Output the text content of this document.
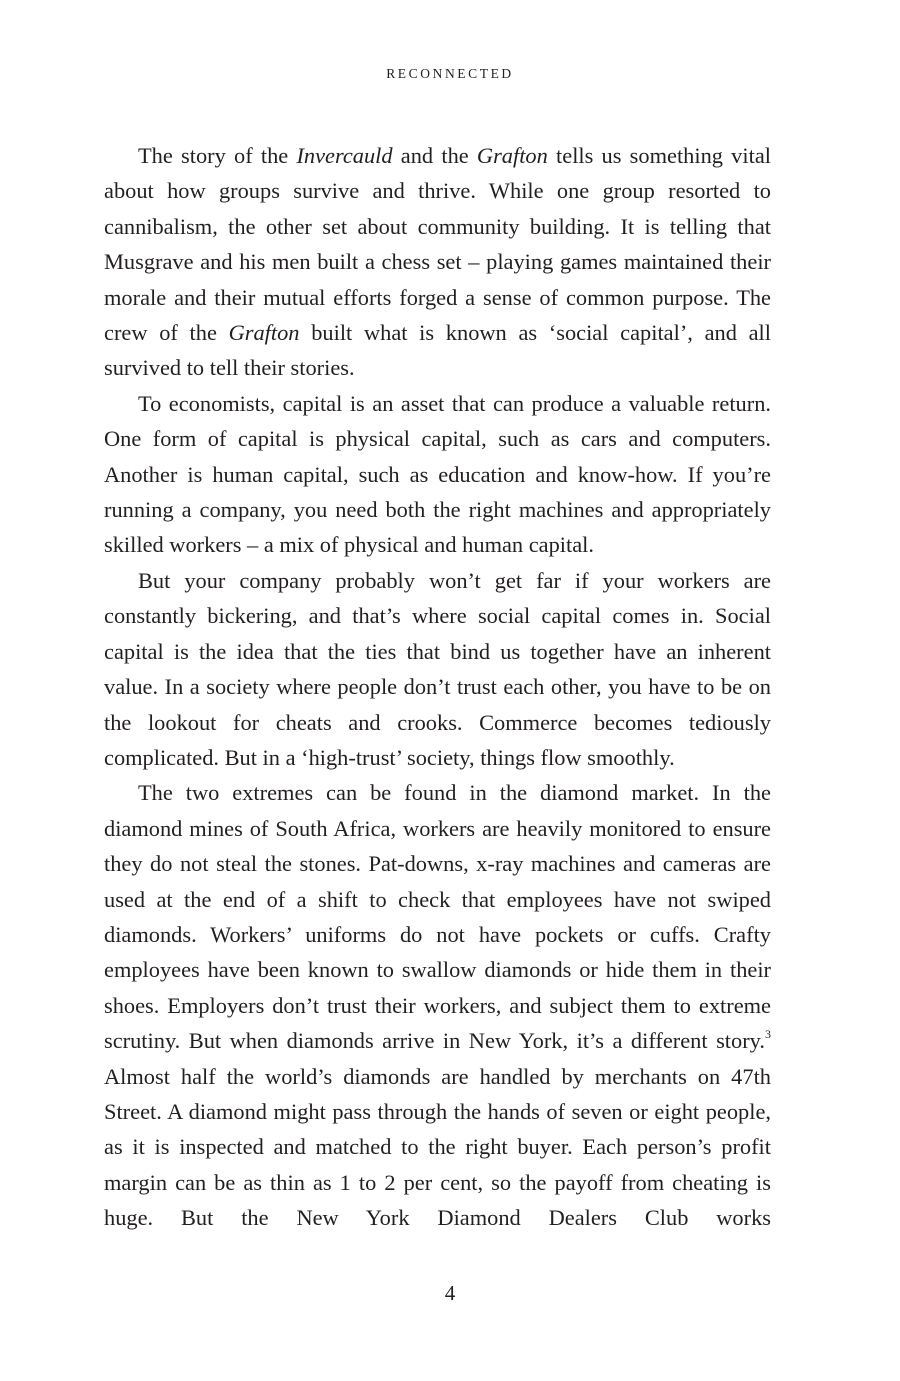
RECONNECTED

The story of the Invercauld and the Grafton tells us something vital about how groups survive and thrive. While one group resorted to cannibalism, the other set about community building. It is telling that Musgrave and his men built a chess set – playing games maintained their morale and their mutual efforts forged a sense of common purpose. The crew of the Grafton built what is known as ‘social capital’, and all survived to tell their stories.

To economists, capital is an asset that can produce a valuable return. One form of capital is physical capital, such as cars and computers. Another is human capital, such as education and know-how. If you’re running a company, you need both the right machines and appropriately skilled workers – a mix of physical and human capital.

But your company probably won’t get far if your workers are constantly bickering, and that’s where social capital comes in. Social capital is the idea that the ties that bind us together have an inherent value. In a society where people don’t trust each other, you have to be on the lookout for cheats and crooks. Commerce becomes tediously complicated. But in a ‘high-trust’ society, things flow smoothly.

The two extremes can be found in the diamond market. In the diamond mines of South Africa, workers are heavily monitored to ensure they do not steal the stones. Pat-downs, x-ray machines and cameras are used at the end of a shift to check that employees have not swiped diamonds. Workers’ uniforms do not have pockets or cuffs. Crafty employees have been known to swallow diamonds or hide them in their shoes. Employers don’t trust their workers, and subject them to extreme scrutiny. But when diamonds arrive in New York, it’s a different story.$^3$ Almost half the world’s diamonds are handled by merchants on 47th Street. A diamond might pass through the hands of seven or eight people, as it is inspected and matched to the right buyer. Each person’s profit margin can be as thin as 1 to 2 per cent, so the payoff from cheating is huge. But the New York Diamond Dealers Club works

4
